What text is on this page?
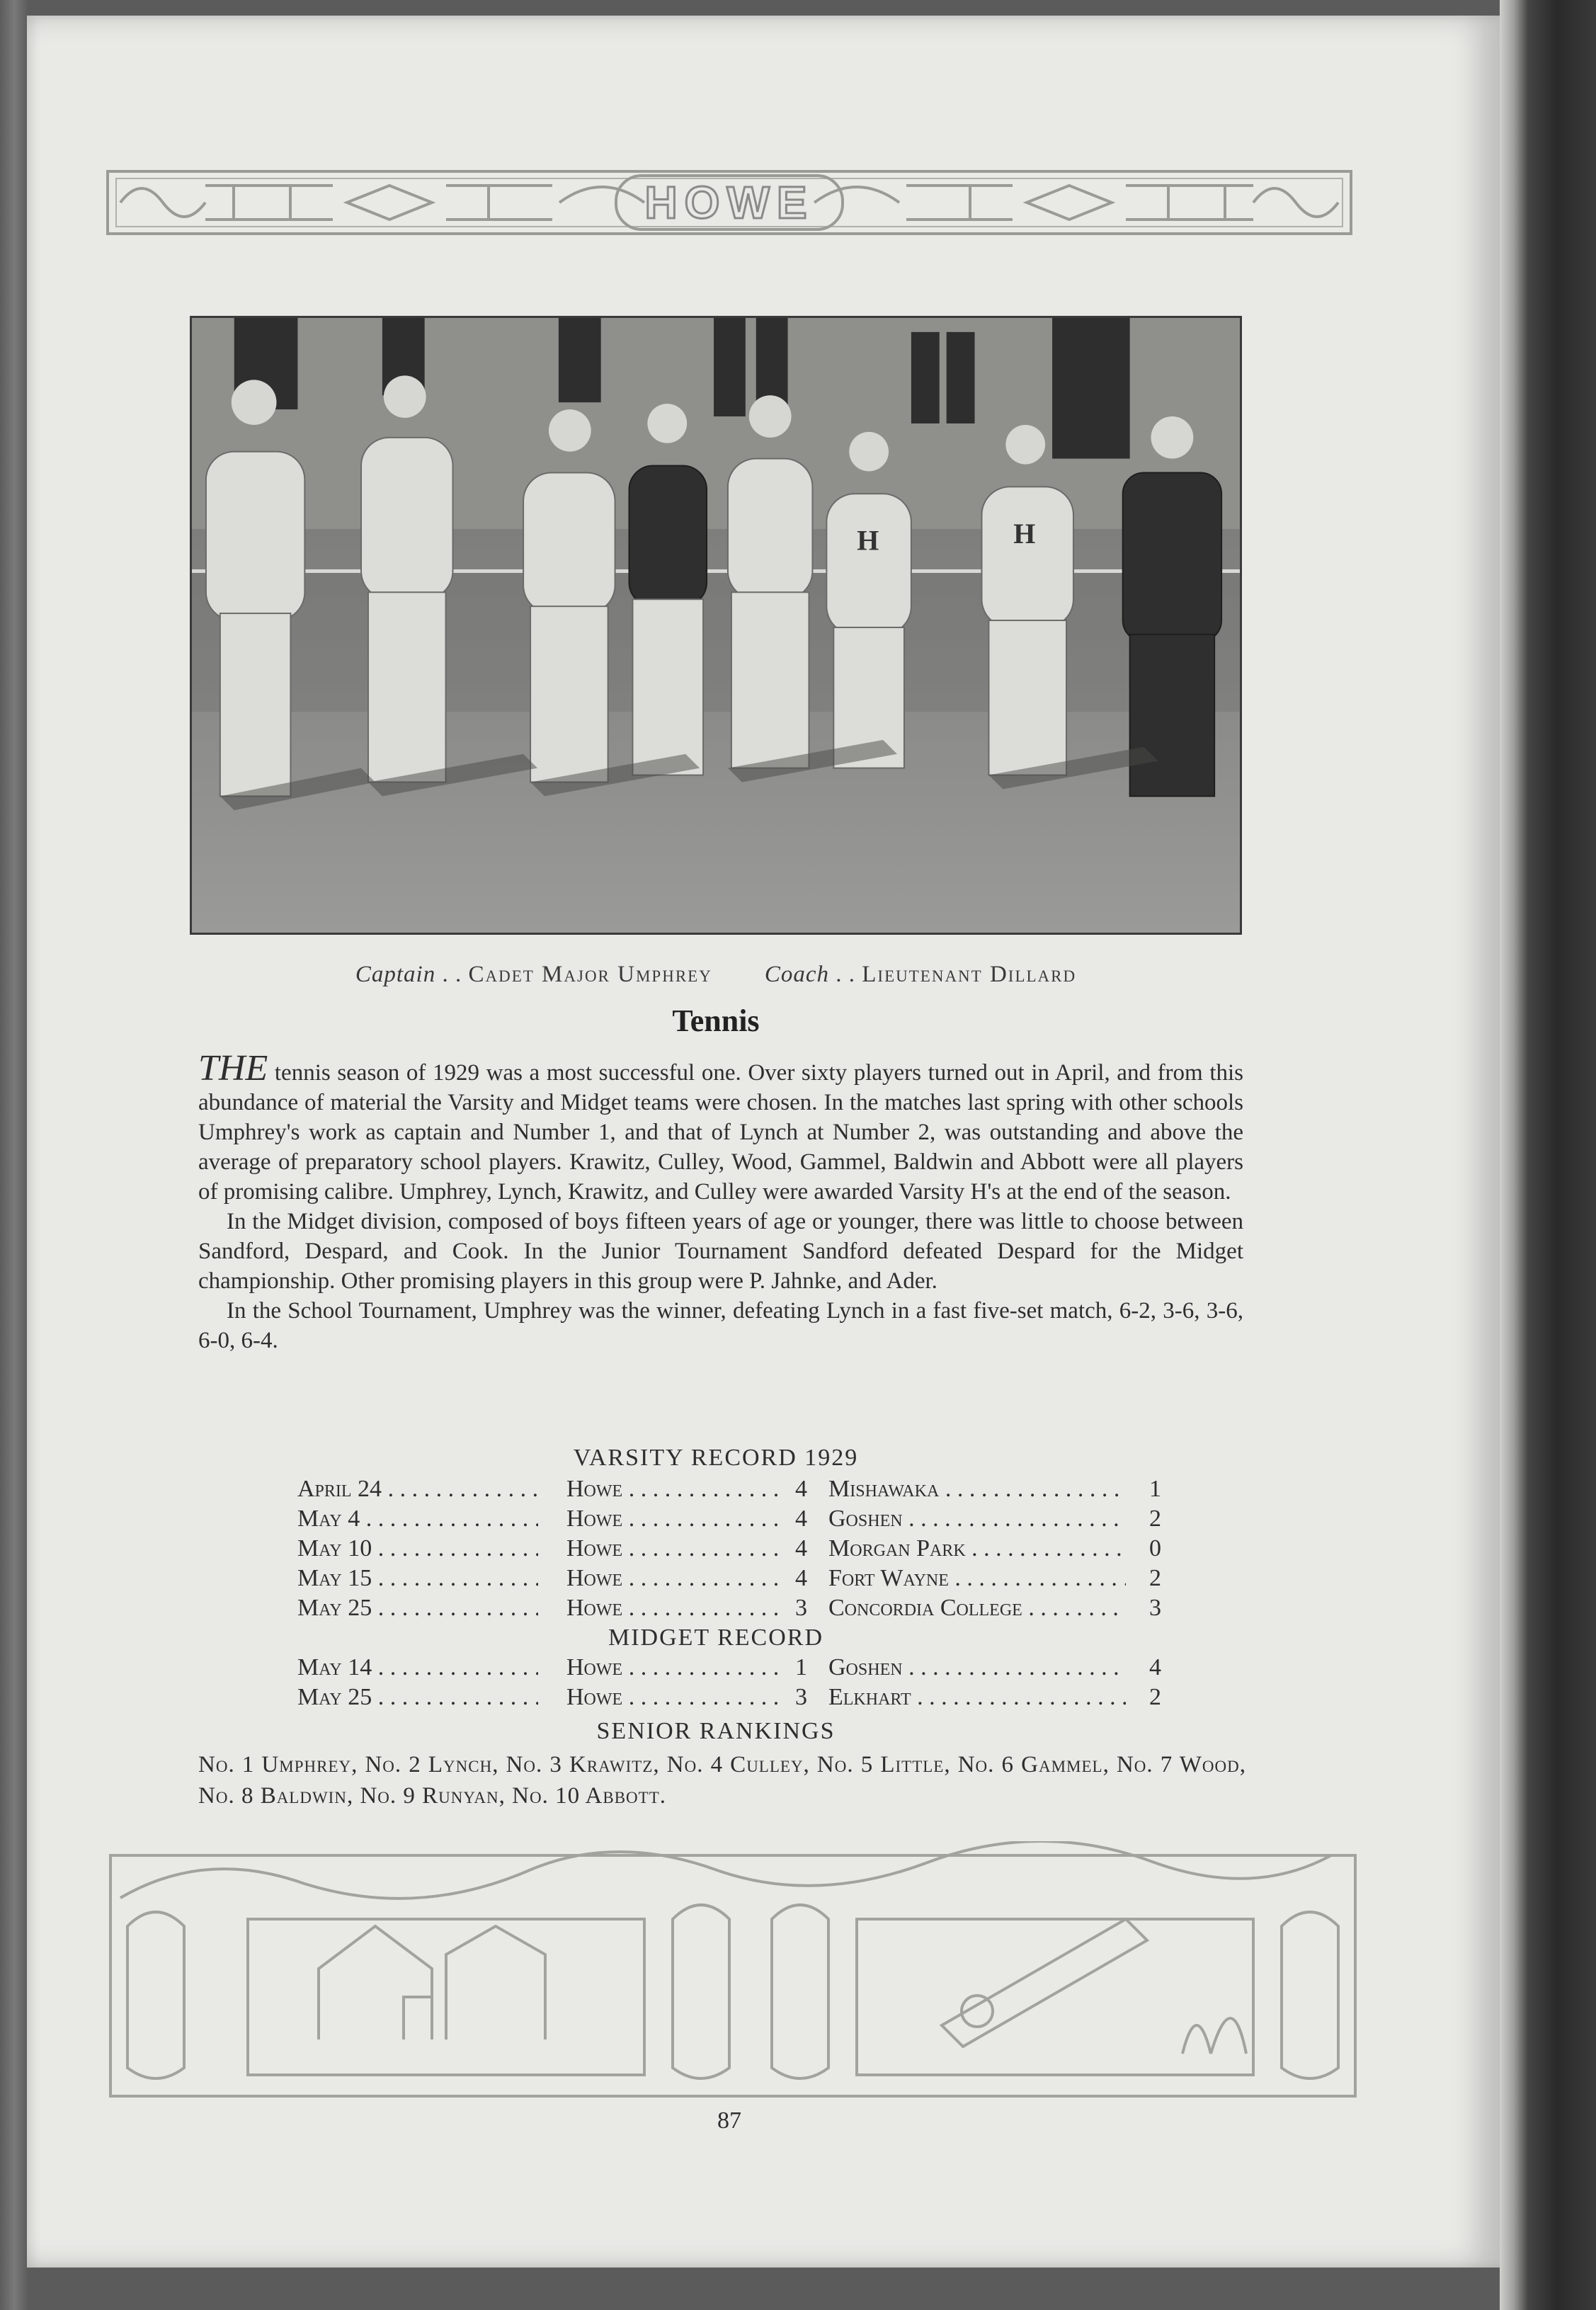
HOWE
H	H
Captain . . Cadet Major Umphrey Coach . . Lieutenant Dillard
Tennis

THE tennis season of 1929 was a most successful one. Over sixty players turned out in April, and from this abundance of material the Varsity and Midget teams were chosen. In the matches last spring with other schools Umphrey's work as captain and Number 1, and that of Lynch at Number 2, was outstanding and above the average of preparatory school players. Krawitz, Culley, Wood, Gammel, Baldwin and Abbott were all players of promising calibre. Umphrey, Lynch, Krawitz, and Culley were awarded Varsity H's at the end of the season.

In the Midget division, composed of boys fifteen years of age or younger, there was little to choose between Sandford, Despard, and Cook. In the Junior Tournament Sandford defeated Despard for the Midget championship. Other promising players in this group were P. Jahnke, and Ader.

In the School Tournament, Umphrey was the winner, defeating Lynch in a fast five-set match, 6-2, 3-6, 3-6, 6-0, 6-4.

VARSITY RECORD 1929
April 24 . . .	Howe . . .	4 Mishawaka . . .	1
May 4 . . .	Howe . . .	4 Goshen . . .	2
May 10 . . .	Howe . . .	4 Morgan Park . . .	0
May 15 . . .	Howe . . .	4 Fort Wayne . . .	2
May 25 . . .	Howe . . .	3 Concordia College . . .	3
MIDGET RECORD
May 14 . . .	Howe . . .	1 Goshen . . .	4
May 25 . . .	Howe . . .	3 Elkhart . . .	2
SENIOR RANKINGS
No. 1 Umphrey, No. 2 Lynch, No. 3 Krawitz, No. 4 Culley, No. 5 Little, No. 6 Gammel, No. 7 Wood, No. 8 Baldwin, No. 9 Runyan, No. 10 Abbott.
87
